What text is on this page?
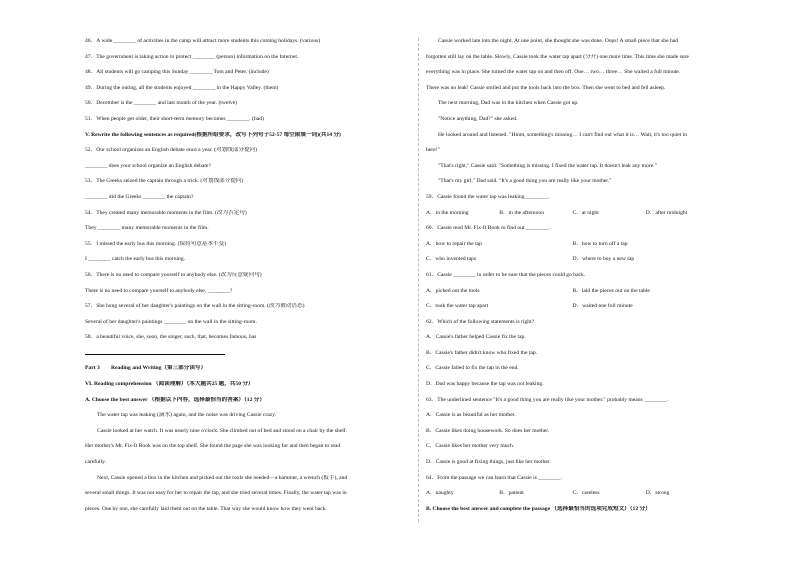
46．A wide ________ of activities in the camp will attract more students this coming holidays. (various)
47．The government is taking action to protect ________ (person) information on the Internet.
48．All students will go camping this Sunday ________ Tom and Peter. (include)
49．During the outing, all the students enjoyed ________ in the Happy Valley. (them)
50．December is the ________ and last month of the year. (twelve)
51．When people get older, their short-term memory becomes ________. (bad)
V. Rewrite the following sentences as required(根据所给要求，改写下列句子52-57 每空限填一词)(共14 分)
52．Our school organizes an English debate once a year. (对划线部分提问)
________ does your school organize an English debate?
53．The Greeks seized the captain through a trick. (对划线部分提问)
________ did the Greeks ________ the captain?
54．They created many memorable moments in the film. (改为否定句)
They ________ many memorable moments in the film.
55．I missed the early bus this morning. (保持句意基本不变)
I ________ catch the early bus this morning.
56．There is no need to compare yourself to anybody else. (改为反意疑问句)
There is no need to compare yourself to anybody else, ________?
57．She hung several of her daughter's paintings on the wall in the sitting-room. (改为被动语态)
Several of her daughter's paintings ________ on the wall in the sitting-room.
58．a beautiful voice, she, soon, the singer, such, that, becomes famous, has
Part 3　　Reading and Writing（第三部分读写）
VI. Reading comprehension （阅读理解）（本大题共25 题，共50 分）
A. Choose the best answer （根据以下内容，选择最恰当的答案）（12 分）
The water tap was leaking (滴水) again, and the noise was driving Cassie crazy.
Cassie looked at her watch. It was nearly nine o'clock. She climbed out of bed and stood on a chair by the shelf.
Her mother's Mr. Fix-It Book was on the top shelf. She found the page she was looking for and then began to read
carefully.
Next, Cassie opened a box in the kitchen and picked out the tools she needed—a hammer, a wrench (扳手), and
several small things. It was not easy for her to repair the tap, and she tried several times. Finally, the water tap was in
pieces. One by one, she carefully laid them out on the table. That way she would know how they went back.
Cassie worked late into the night. At one point, she thought she was done. Oops! A small piece that she had
forgotten still lay on the table. Slowly, Cassie took the water tap apart (分开) one more time. This time she made sure
everything was in place. She turned the water tap on and then off. One… two… three… She waited a full minute.
There was no leak! Cassie smiled and put the tools back into the box. Then she went to bed and fell asleep.
The next morning, Dad was in the kitchen when Cassie got up.
"Notice anything, Dad?" she asked.
He looked around and listened. "Hmm, something's missing… I can't find out what it is… Wait, it's too quiet in
here!"
"That's right," Cassie said. "Something is missing. I fixed the water tap. It doesn't leak any more."
"That's my girl," Dad said. "It's a good thing you are really like your mother."
59．Cassie found the water tap was leaking ________.
A．in the morning	B．in the afternoon	C．at night	D．after midnight
60．Cassie read Mr. Fix-It Book to find out ________.
A．how to repair the tap	B．how to turn off a tap
C．who invented taps	D．where to buy a new tap
61．Cassie ________ in order to be sure that the pieces could go back.
A．picked out the tools	B．laid the pieces out on the table
C．took the water tap apart	D．waited one full minute
62．Which of the following statements is right?
A．Cassie's father helped Cassie fix the tap.
B．Cassie's father didn't know who fixed the tap.
C．Cassie failed to fix the tap in the end.
D．Dad was happy because the tap was not leaking.
63．The underlined sentence "It's a good thing you are really like your mother." probably means ________.
A．Cassie is as beautiful as her mother.
B．Cassie likes doing housework. So does her mother.
C．Cassie likes her mother very much.
D．Cassie is good at fixing things, just like her mother.
64．From the passage we can learn that Cassie is ________.
A．naughty	B．patient	C．careless	D．strong
B. Choose the best answer and complete the passage （选择最恰当的选项完成短文）（12 分）
